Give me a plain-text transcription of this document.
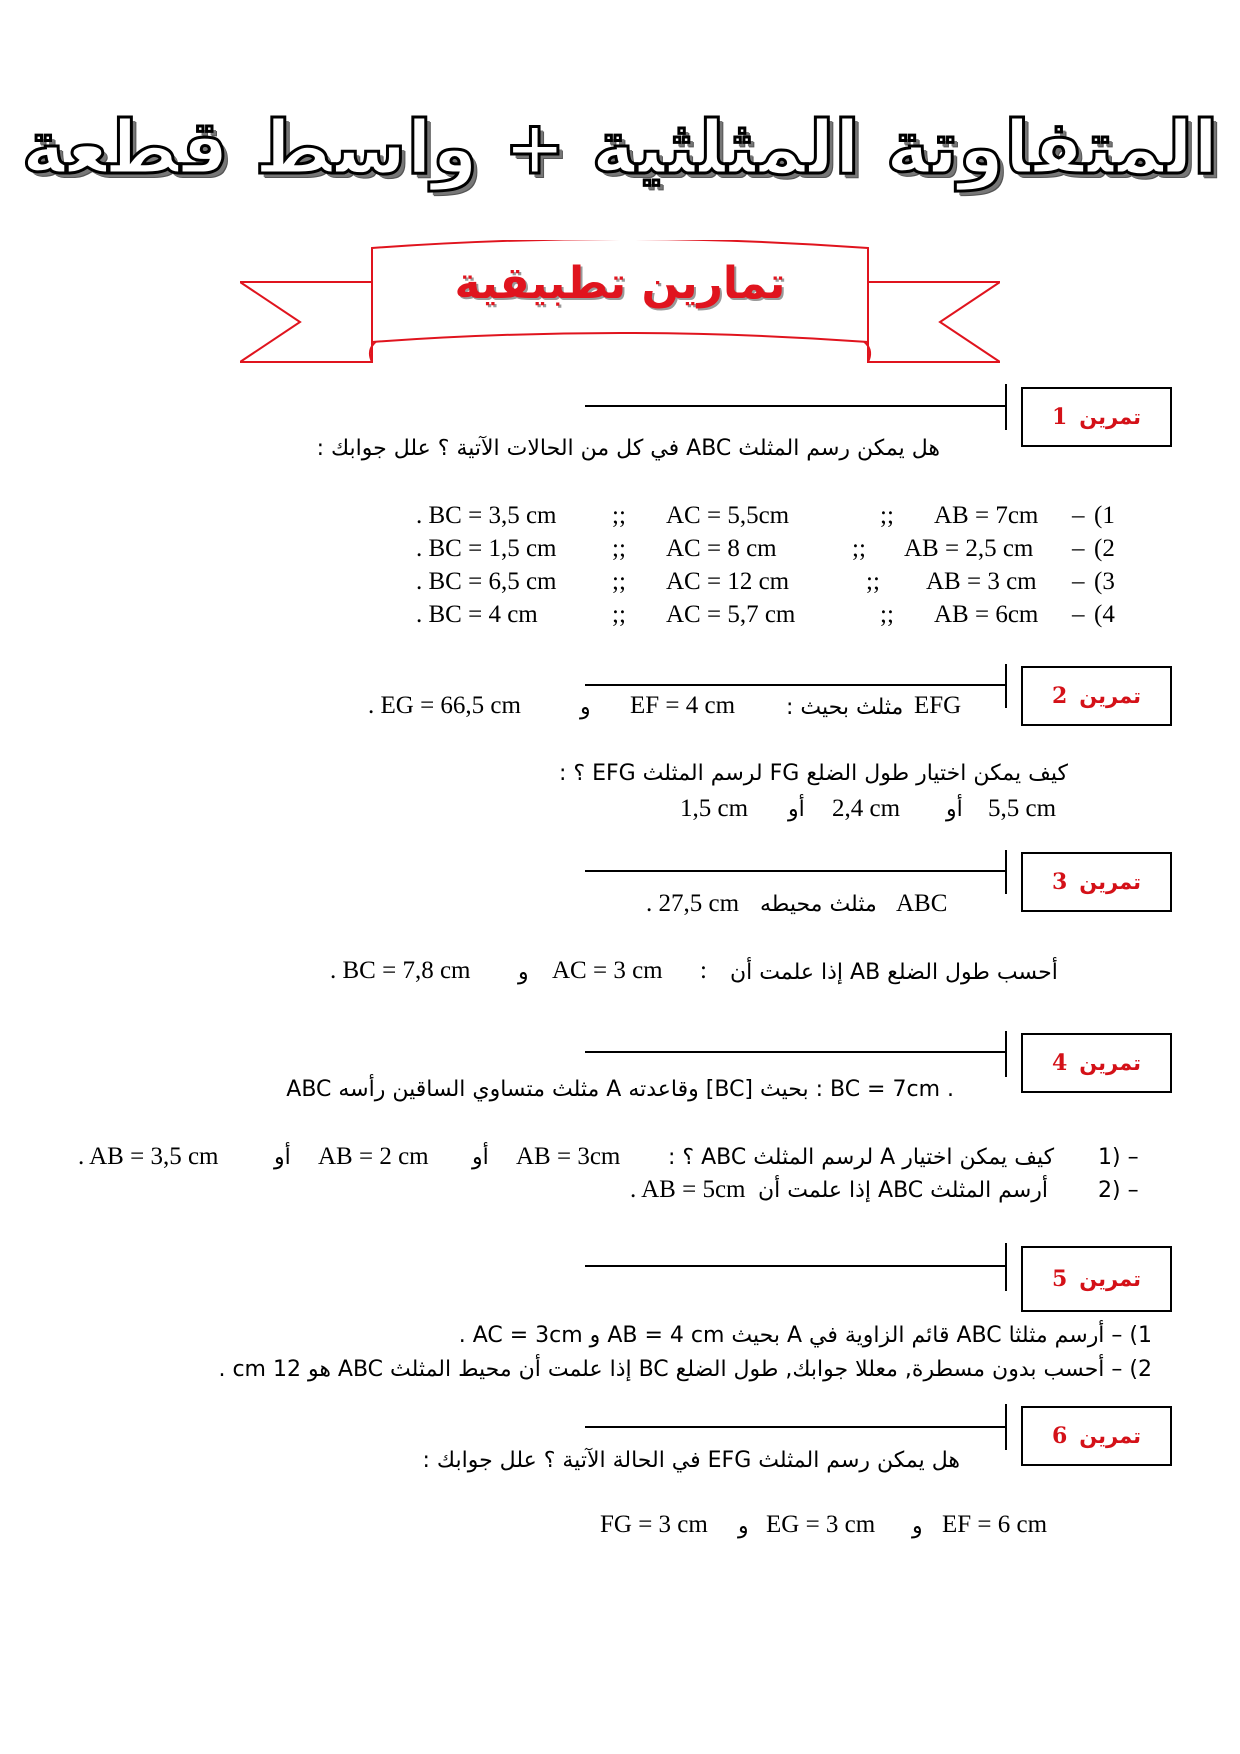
المتفاوتة المثلثية + واسط قطعة
تمارين تطبيقية
1 تمرين
هل يمكن رسم المثلث ABC في كل من الحالات الآتية ؟ علل جوابك :
. BC = 3,5 cm ;; AC = 5,5cm	;; AB = 7cm – 1)
. BC = 1,5 cm ;; AC = 8 cm	;; AB = 2,5 cm – 2)
. BC = 6,5 cm ;; AC = 12 cm	;; AB = 3 cm – 3)
. BC = 4 cm	;; AC = 5,7 cm	;; AB = 6cm – 4)
2 تمرين
. EG = 66,5 cm	و EF = 4 cm مثلث بحيث : EFG
كيف يمكن اختيار طول الضلع FG لرسم المثلث EFG ؟ :
1,5 cm أو 2,4 cm أو 5,5 cm
3 تمرين
. 27,5 cm مثلث محيطه ABC
. BC = 7,8 cm و AC = 3 cm : أحسب طول الضلع AB إذا علمت أن
4 تمرين
ABC مثلث متساوي الساقين رأسه A وقاعدته [BC] بحيث : BC = 7cm .
. AB = 3,5 cm	أو AB = 2 cm أو AB = 3cm كيف يمكن اختيار A لرسم المثلث ABC ؟ : 1) –
. AB = 5cm أرسم المثلث ABC إذا علمت أن 2) –
5 تمرين
1) – أرسم مثلثا ABC قائم الزاوية في A بحيث AB = 4 cm و AC = 3cm .
2) – أحسب بدون مسطرة, معللا جوابك, طول الضلع BC إذا علمت أن محيط المثلث ABC هو 12 cm .
6 تمرين
هل يمكن رسم المثلث EFG في الحالة الآتية ؟ علل جوابك :
FG = 3 cm و EG = 3 cm و EF = 6 cm
